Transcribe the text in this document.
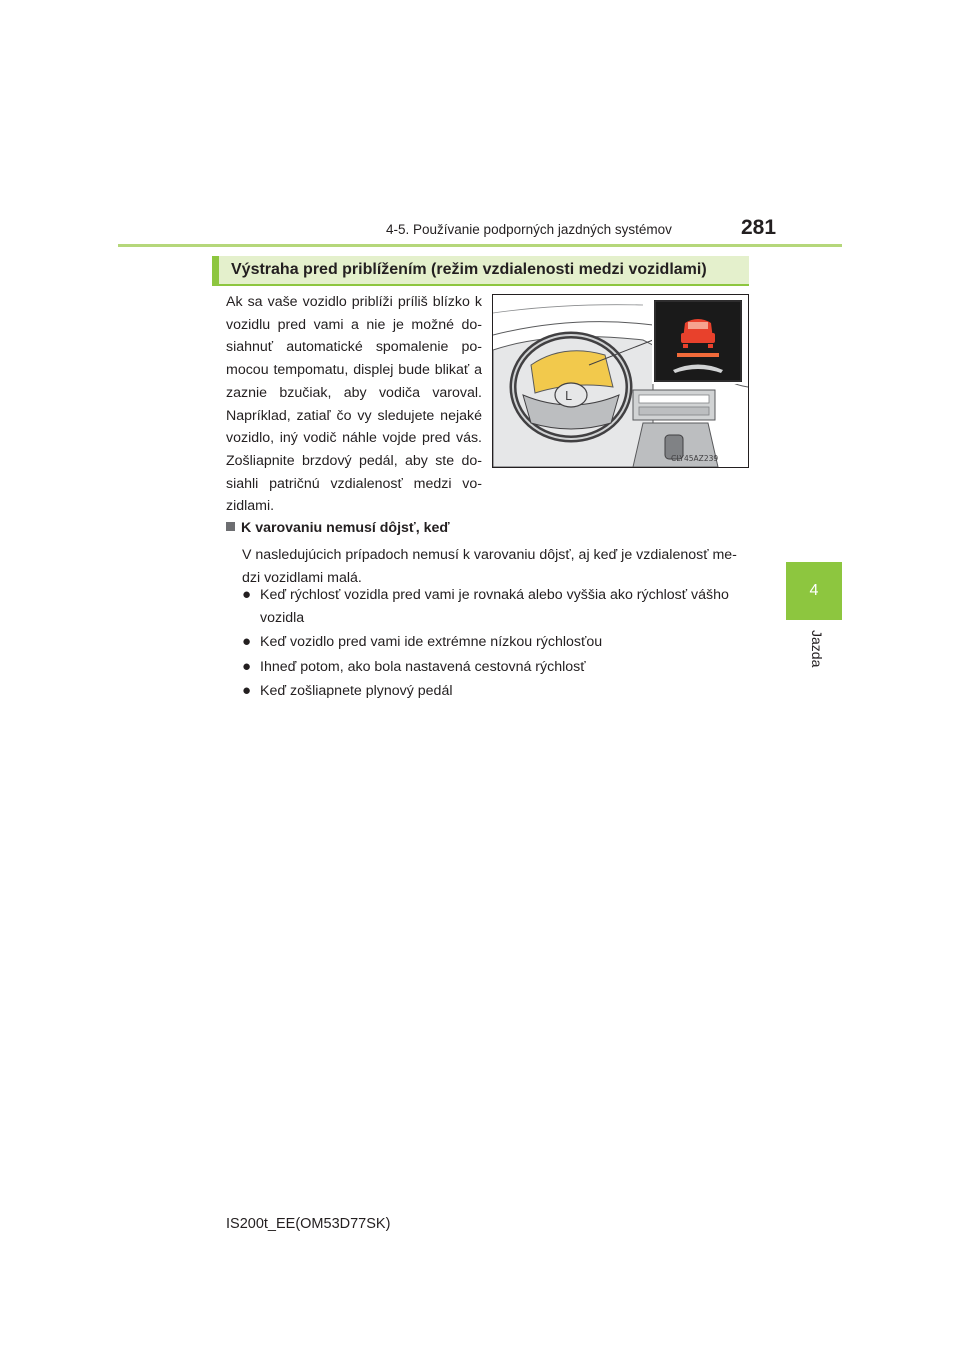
4-5. Používanie podporných jazdných systémov	281
4
Jazda
Výstraha pred priblížením (režim vzdialenosti medzi vozidlami)
Ak sa vaše vozidlo priblíži príliš blízko k vozidlu pred vami a nie je možné do-siahnuť automatické spomalenie po-mocou tempomatu, displej bude blikať a zaznie bzučiak, aby vodiča varoval. Napríklad, zatiaľ čo vy sledujete nejaké vozidlo, iný vodič náhle vojde pred vás. Zošliapnite brzdový pedál, aby ste do-siahli patričnú vzdialenosť medzi vo-zidlami.
L
CLY45AZ239
K varovaniu nemusí dôjsť, keď
V nasledujúcich prípadoch nemusí k varovaniu dôjsť, aj keď je vzdialenosť me-dzi vozidlami malá.
● Keď rýchlosť vozidla pred vami je rovnaká alebo vyššia ako rýchlosť vášho vozidla
● Keď vozidlo pred vami ide extrémne nízkou rýchlosťou
● Ihneď potom, ako bola nastavená cestovná rýchlosť
● Keď zošliapnete plynový pedál
IS200t_EE(OM53D77SK)
